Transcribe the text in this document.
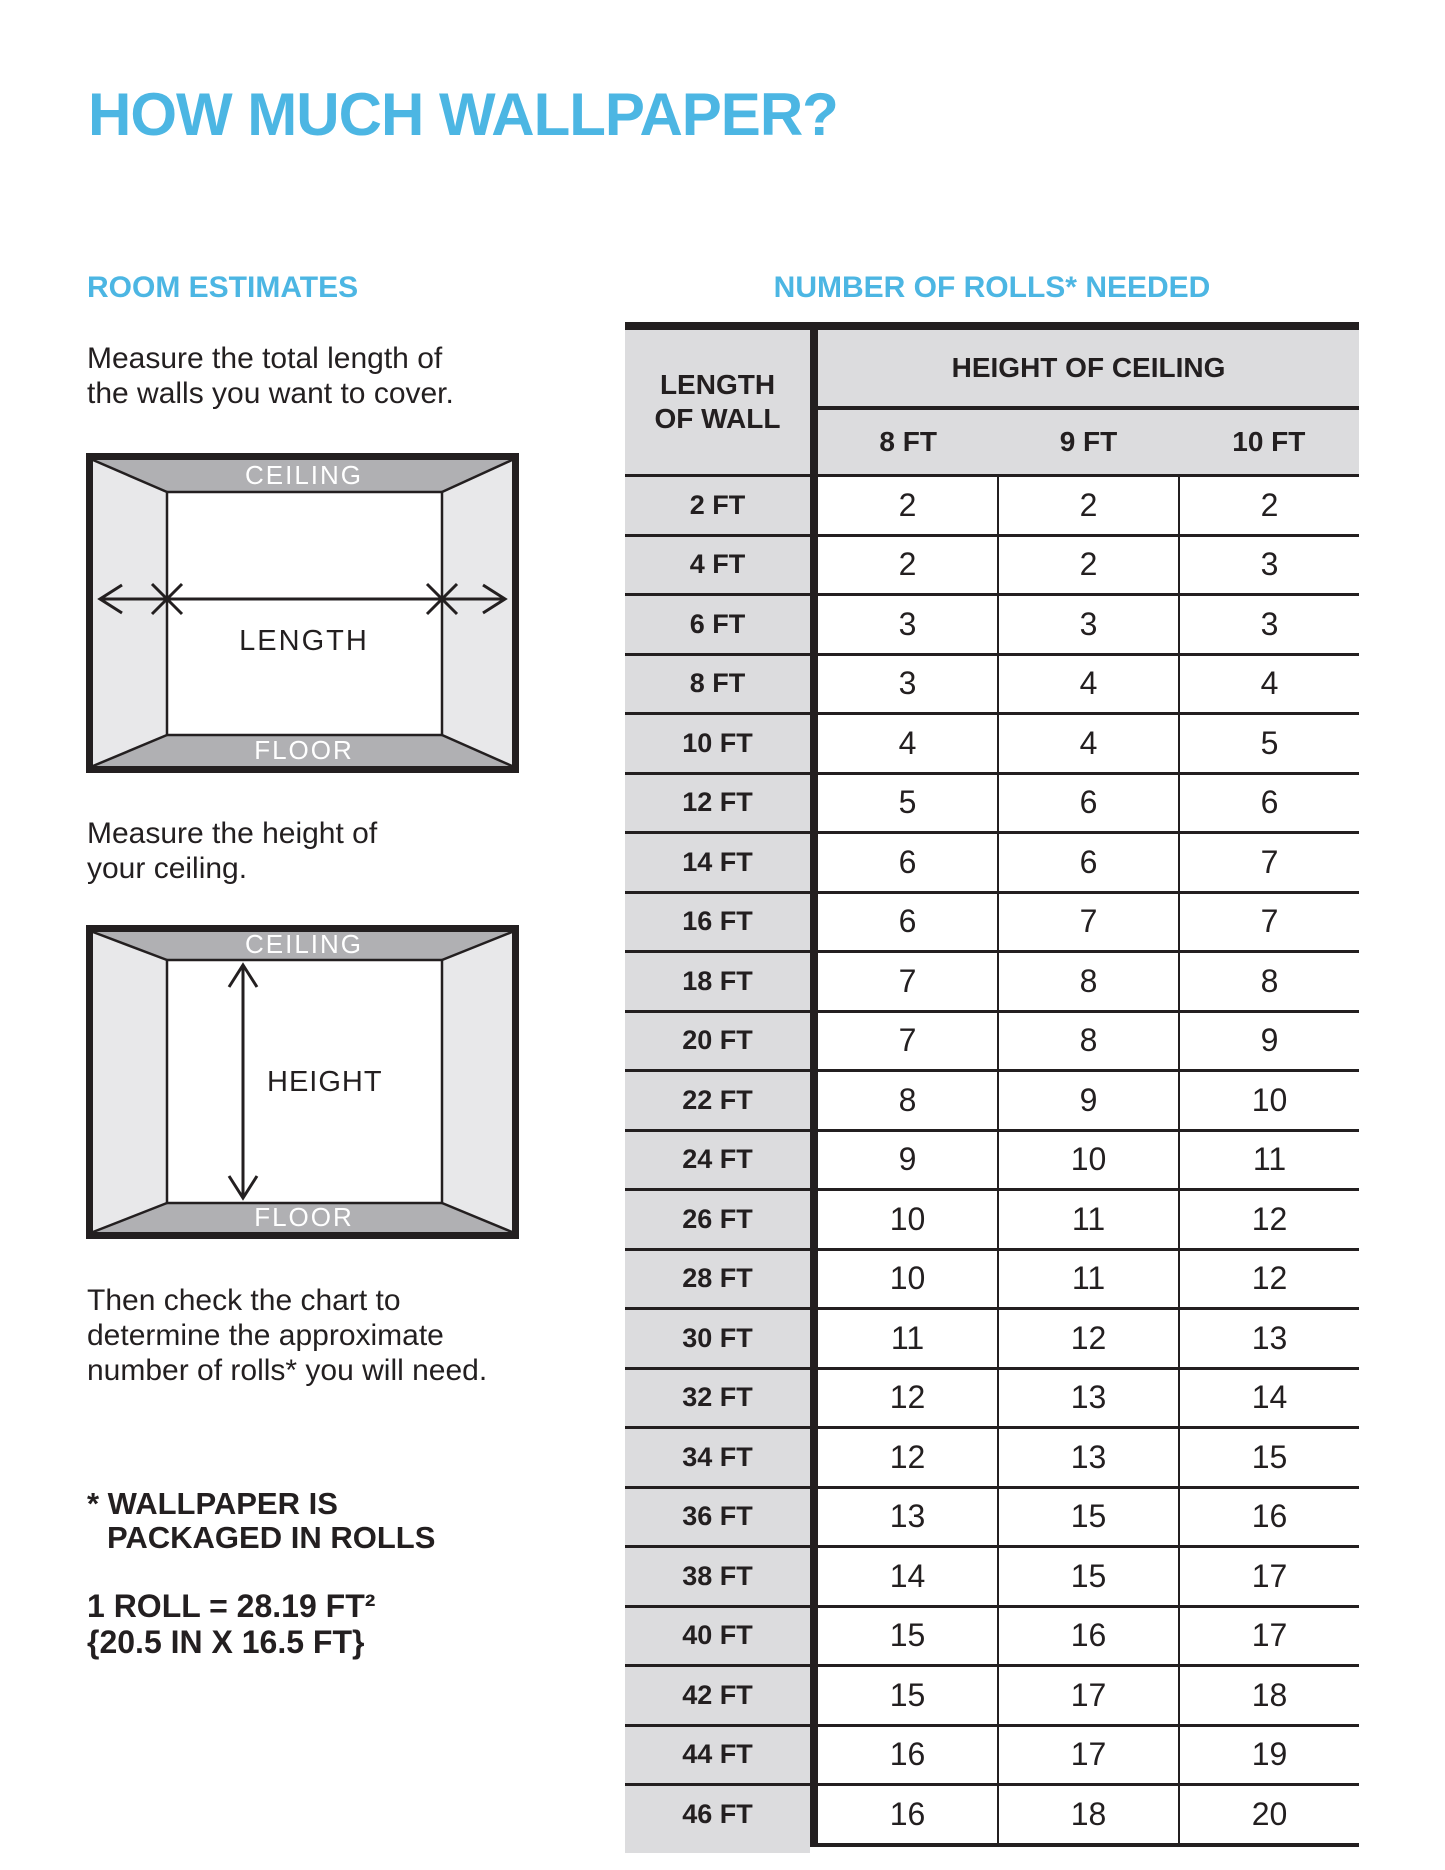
HOW MUCH WALLPAPER?
ROOM ESTIMATES
Measure the total length of
the walls you want to cover.
CEILING
FLOOR
LENGTH
Measure the height of
your ceiling.
CEILING
FLOOR
HEIGHT
Then check the chart to
determine the approximate
number of rolls* you will need.
* WALLPAPER IS
PACKAGED IN ROLLS
1 ROLL = 28.19 FT²
{20.5 IN X 16.5 FT}
NUMBER OF ROLLS* NEEDED
LENGTH
OF WALL
HEIGHT OF CEILING
8 FT	9 FT	10 FT
2 FT	2	2	2
4 FT	2	2	3
6 FT	3	3	3
8 FT	3	4	4
10 FT	4	4	5
12 FT	5	6	6
14 FT	6	6	7
16 FT	6	7	7
18 FT	7	8	8
20 FT	7	8	9
22 FT	8	9	10
24 FT	9	10	11
26 FT	10	11	12
28 FT	10	11	12
30 FT	11	12	13
32 FT	12	13	14
34 FT	12	13	15
36 FT	13	15	16
38 FT	14	15	17
40 FT	15	16	17
42 FT	15	17	18
44 FT	16	17	19
46 FT	16	18	20
